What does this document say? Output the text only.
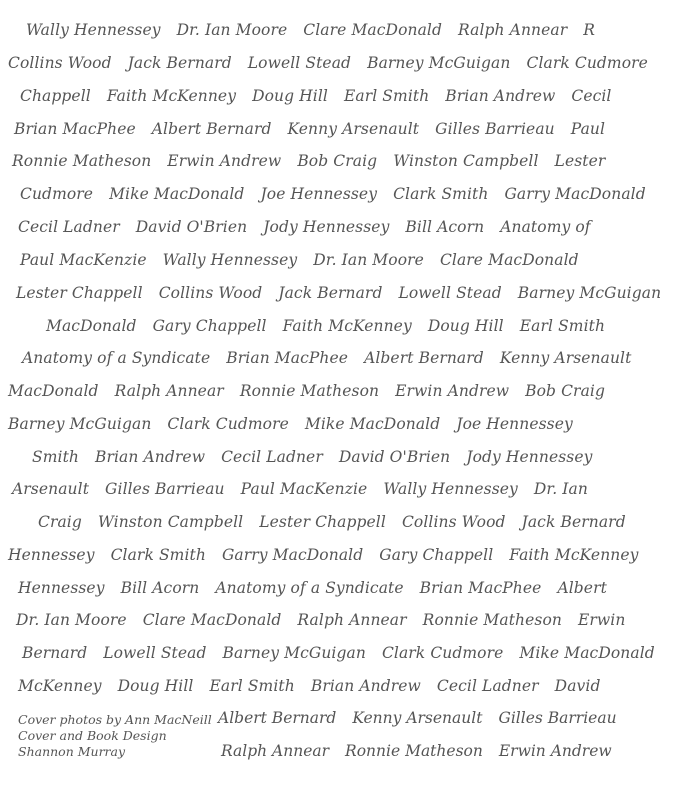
Wally Hennessey Dr. Ian Moore Clare MacDonald Ralph Annear R
Collins Wood Jack Bernard Lowell Stead Barney McGuigan Clark Cudmore
Chappell Faith McKenney Doug Hill Earl Smith Brian Andrew Cecil
Brian MacPhee Albert Bernard Kenny Arsenault Gilles Barrieau Paul
Ronnie Matheson Erwin Andrew Bob Craig Winston Campbell Lester
Cudmore Mike MacDonald Joe Hennessey Clark Smith Garry MacDonald
Cecil Ladner David O'Brien Jody Hennessey Bill Acorn Anatomy of
Paul MacKenzie Wally Hennessey Dr. Ian Moore Clare MacDonald
Lester Chappell Collins Wood Jack Bernard Lowell Stead Barney McGuigan
MacDonald Gary Chappell Faith McKenney Doug Hill Earl Smith
Anatomy of a Syndicate Brian MacPhee Albert Bernard Kenny Arsenault
MacDonald Ralph Annear Ronnie Matheson Erwin Andrew Bob Craig
Barney McGuigan Clark Cudmore Mike MacDonald Joe Hennessey
Smith Brian Andrew Cecil Ladner David O'Brien Jody Hennessey
Arsenault Gilles Barrieau Paul MacKenzie Wally Hennessey Dr. Ian
Craig Winston Campbell Lester Chappell Collins Wood Jack Bernard
Hennessey Clark Smith Garry MacDonald Gary Chappell Faith McKenney
Hennessey Bill Acorn Anatomy of a Syndicate Brian MacPhee Albert
Dr. Ian Moore Clare MacDonald Ralph Annear Ronnie Matheson Erwin
Bernard Lowell Stead Barney McGuigan Clark Cudmore Mike MacDonald
McKenney Doug Hill Earl Smith Brian Andrew Cecil Ladner David
Albert Bernard Kenny Arsenault Gilles Barrieau
Cover photos by Ann MacNeill
Cover and Book Design
Shannon Murray	Ralph Annear Ronnie Matheson Erwin Andrew
